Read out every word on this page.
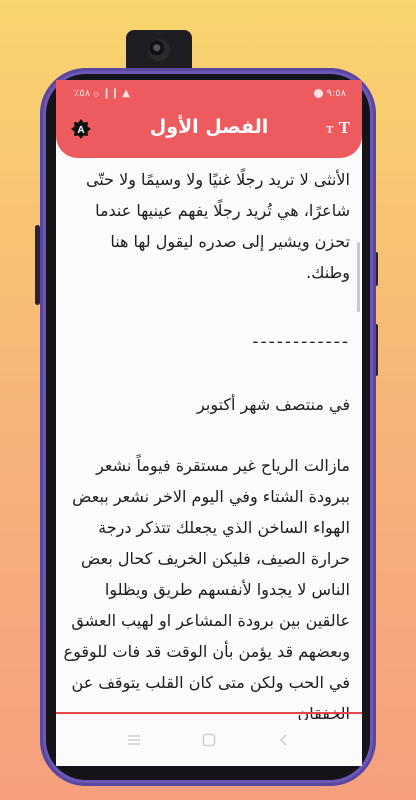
٪٥٨ ۞ ❙❙ ▲	٩:٥٨
A	الفصل الأول	T T
الأنثى لا تريد رجلًا غنيًا ولا وسيمًا ولا حتّى شاعرًا، هي تُريد رجلًا يفهم عينيها عندما تحزن ويشير إلى صدره ليقول لها هنا وطنك.
------------
في منتصف شهر أكتوبر
مازالت الرياح غير مستقرة فيوماً نشعر ببرودة الشتاء وفي اليوم الاخر نشعر ببعض الهواء الساخن الذي يجعلك تتذكر درجة حرارة الصيف، فليكن الخريف كحال بعض الناس لا يجدوا لأنفسهم طريق ويظلوا عالقين بين برودة المشاعر او لهيب العشق وبعضهم قد يؤمن بأن الوقت قد فات للوقوع في الحب ولكن متى كان القلب يتوقف عن
